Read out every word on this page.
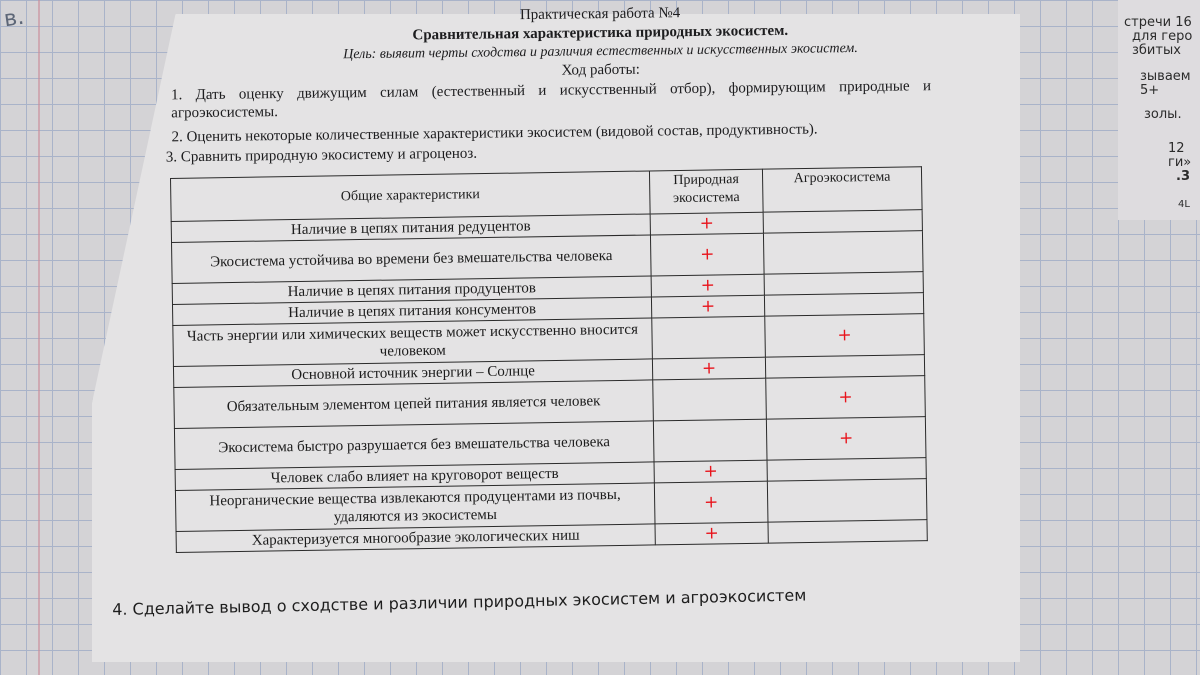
в.	стречи 16
для геро
збитых
зываем
5+
золы.
12
ги»
.3
4L
Практическая работа №4
Сравнительная характеристика природных экосистем.
Цель: выявит черты сходства и различия естественных и искусственных экосистем.
Ход работы:
1. Дать оценку движущим силам (естественный и искусственный отбор), формирующим природные и агроэкосистемы.
2. Оценить некоторые количественные характеристики экосистем (видовой состав, продуктивность).
3. Сравнить природную экосистему и агроценоз.
Общие характеристики	Природная экосистема	Агроэкосистема
Наличие в цепях питания редуцентов	+	
Экосистема устойчива во времени без вмешательства человека	+	
Наличие в цепях питания продуцентов	+	
Наличие в цепях питания консументов	+	
Часть энергии или химических веществ может искусственно вносится человеком		+
Основной источник энергии – Солнце	+	
Обязательным элементом цепей питания является человек		+
Экосистема быстро разрушается без вмешательства человека		+
Человек слабо влияет на круговорот веществ	+	
Неорганические вещества извлекаются продуцентами из почвы, удаляются из экосистемы	+	
Характеризуется многообразие экологических ниш	+	
4. Сделайте вывод о сходстве и различии природных экосистем и агроэкосистем
